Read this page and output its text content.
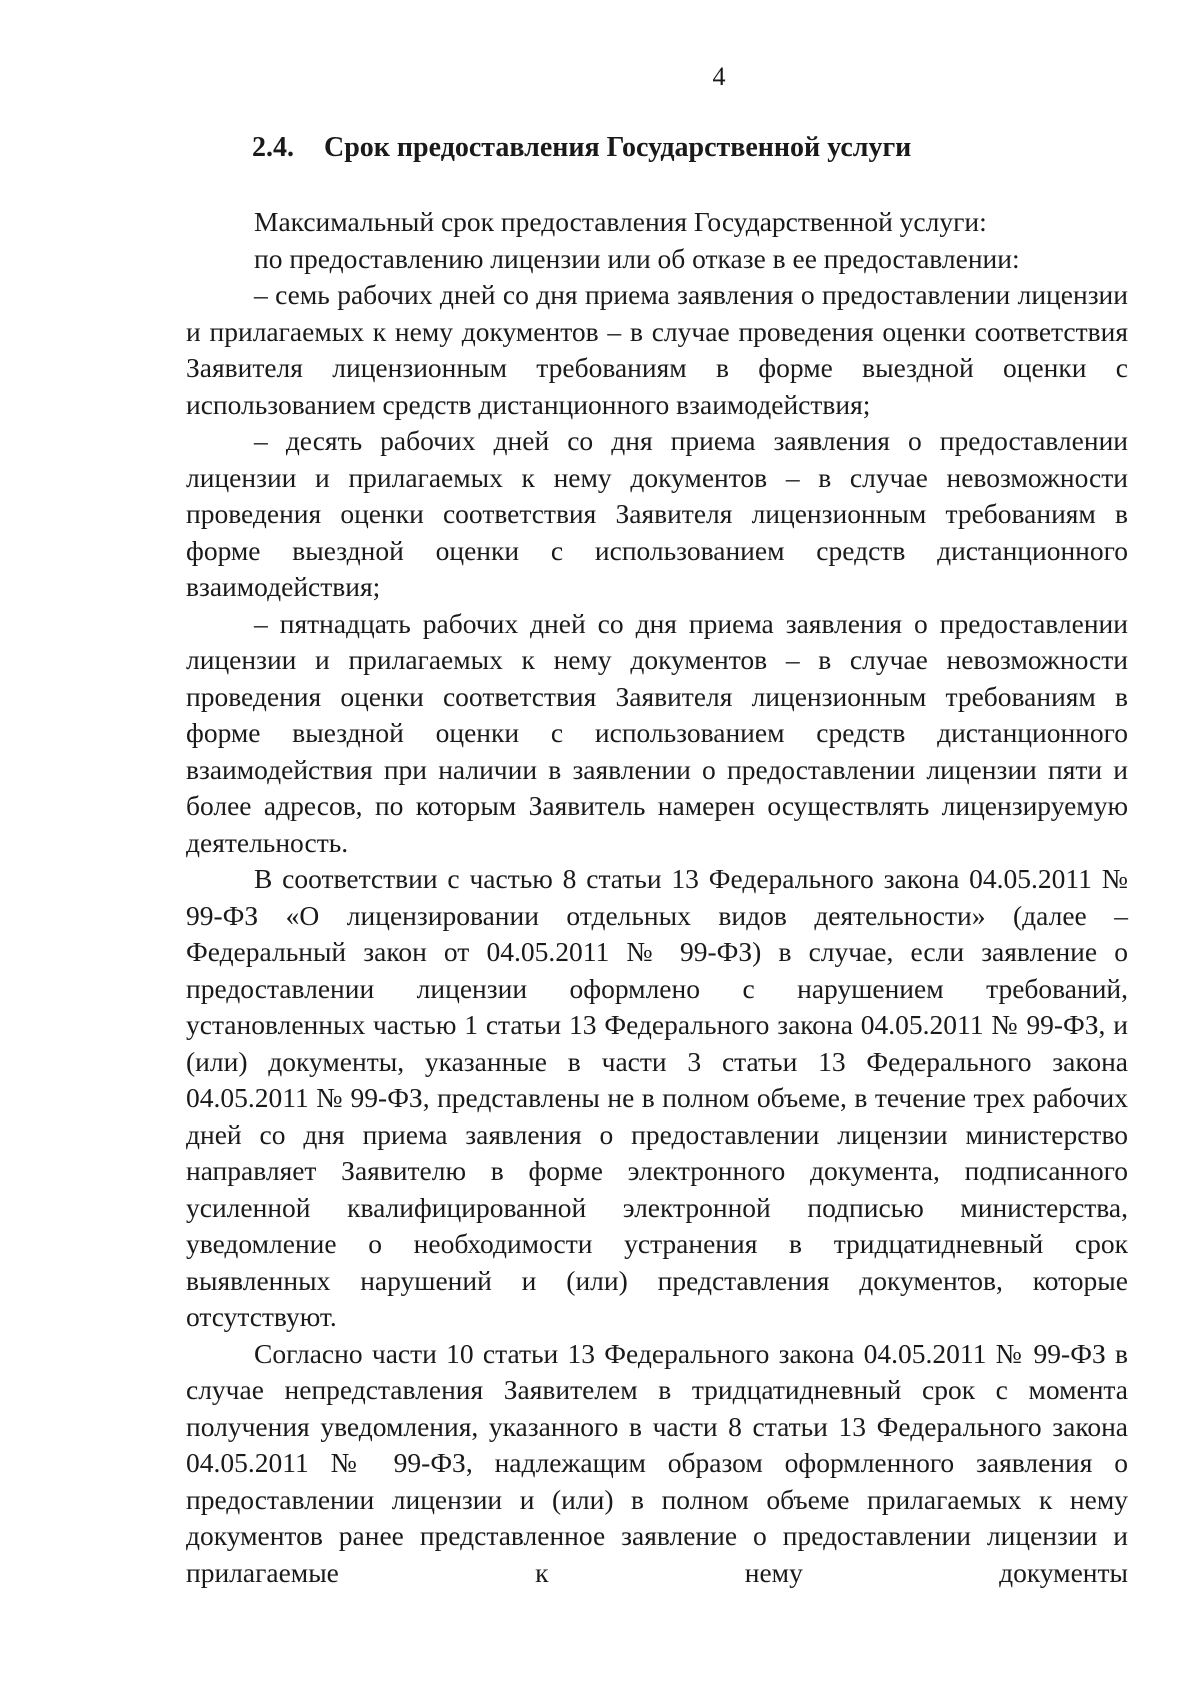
4
2.4. Срок предоставления Государственной услуги

Максимальный срок предоставления Государственной услуги:

по предоставлению лицензии или об отказе в ее предоставлении:

– семь рабочих дней со дня приема заявления о предоставлении лицензии и прилагаемых к нему документов – в случае проведения оценки соответствия Заявителя лицензионным требованиям в форме выездной оценки с использованием средств дистанционного взаимодействия;

– десять рабочих дней со дня приема заявления о предоставлении лицензии и прилагаемых к нему документов – в случае невозможности проведения оценки соответствия Заявителя лицензионным требованиям в форме выездной оценки с использованием средств дистанционного взаимодействия;

– пятнадцать рабочих дней со дня приема заявления о предоставлении лицензии и прилагаемых к нему документов – в случае невозможности проведения оценки соответствия Заявителя лицензионным требованиям в форме выездной оценки с использованием средств дистанционного взаимодействия при наличии в заявлении о предоставлении лицензии пяти и более адресов, по которым Заявитель намерен осуществлять лицензируемую деятельность.

В соответствии с частью 8 статьи 13 Федерального закона 04.05.2011 № 99-ФЗ «О лицензировании отдельных видов деятельности» (далее – Федеральный закон от 04.05.2011 № 99-ФЗ) в случае, если заявление о предоставлении лицензии оформлено с нарушением требований, установленных частью 1 статьи 13 Федерального закона 04.05.2011 № 99-ФЗ, и (или) документы, указанные в части 3 статьи 13 Федерального закона 04.05.2011 № 99-ФЗ, представлены не в полном объеме, в течение трех рабочих дней со дня приема заявления о предоставлении лицензии министерство направляет Заявителю в форме электронного документа, подписанного усиленной квалифицированной электронной подписью министерства, уведомление о необходимости устранения в тридцатидневный срок выявленных нарушений и (или) представления документов, которые отсутствуют.

Согласно части 10 статьи 13 Федерального закона 04.05.2011 № 99-ФЗ в случае непредставления Заявителем в тридцатидневный срок с момента получения уведомления, указанного в части 8 статьи 13 Федерального закона 04.05.2011 № 99-ФЗ, надлежащим образом оформленного заявления о предоставлении лицензии и (или) в полном объеме прилагаемых к нему документов ранее представленное заявление о предоставлении лицензии и прилагаемые к нему документы
